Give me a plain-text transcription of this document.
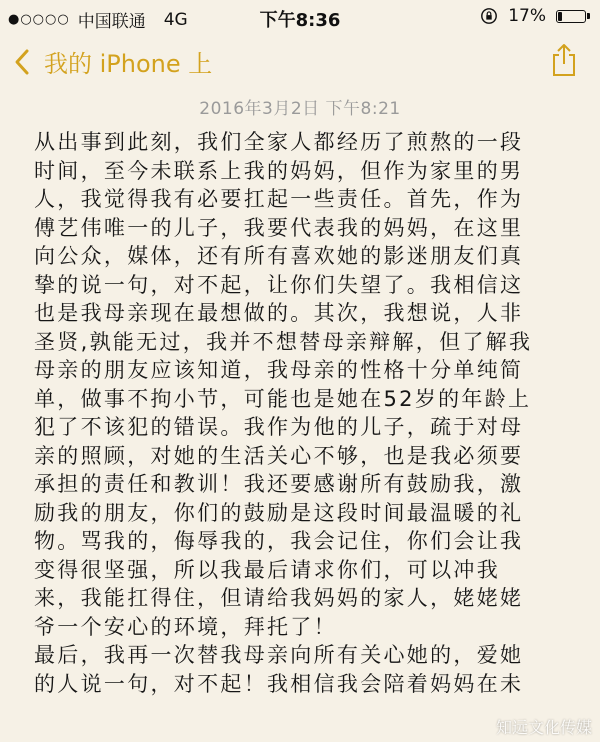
●○○○○ 中国联通 4G	下午8:36	17%
我的 iPhone 上
2016年3月2日 下午8:21
从出事到此刻，我们全家人都经历了煎熬的一段
时间，至今未联系上我的妈妈，但作为家里的男
人，我觉得我有必要扛起一些责任。首先，作为
傅艺伟唯一的儿子，我要代表我的妈妈，在这里
向公众，媒体，还有所有喜欢她的影迷朋友们真
挚的说一句，对不起，让你们失望了。我相信这
也是我母亲现在最想做的。其次，我想说，人非
圣贤,孰能无过，我并不想替母亲辩解，但了解我
母亲的朋友应该知道，我母亲的性格十分单纯简
单，做事不拘小节，可能也是她在52岁的年龄上
犯了不该犯的错误。我作为他的儿子，疏于对母
亲的照顾，对她的生活关心不够，也是我必须要
承担的责任和教训！我还要感谢所有鼓励我，激
励我的朋友，你们的鼓励是这段时间最温暖的礼
物。骂我的，侮辱我的，我会记住，你们会让我
变得很坚强，所以我最后请求你们，可以冲我
来，我能扛得住，但请给我妈妈的家人，姥姥姥
爷一个安心的环境，拜托了！
最后，我再一次替我母亲向所有关心她的，爱她
的人说一句，对不起！我相信我会陪着妈妈在未
知远文化传媒
